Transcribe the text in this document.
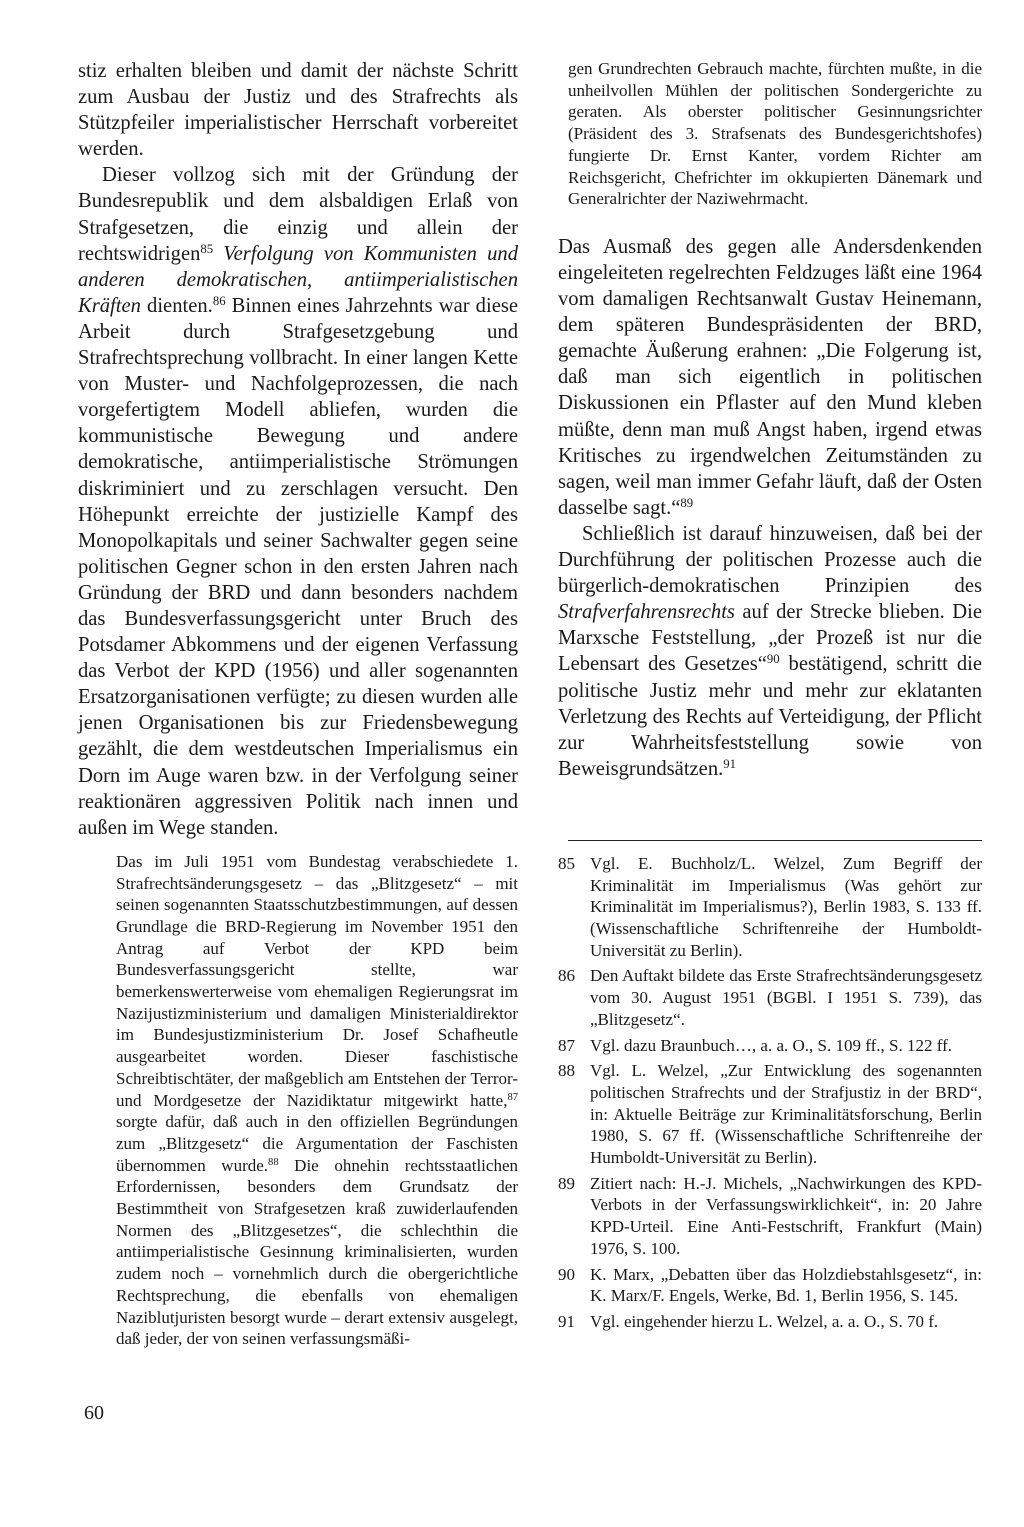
stiz erhalten bleiben und damit der nächste Schritt zum Ausbau der Justiz und des Strafrechts als Stützpfeiler imperialistischer Herrschaft vorbereitet werden.

Dieser vollzog sich mit der Gründung der Bundesrepublik und dem alsbaldigen Erlaß von Strafgesetzen, die einzig und allein der rechtswidrigen$^{85}$ Verfolgung von Kommunisten und anderen demokratischen, antiimperialistischen Kräften dienten.$^{86}$ Binnen eines Jahrzehnts war diese Arbeit durch Strafgesetzgebung und Strafrechtsprechung vollbracht. In einer langen Kette von Muster- und Nachfolgeprozessen, die nach vorgefertigtem Modell abliefen, wurden die kommunistische Bewegung und andere demokratische, antiimperialistische Strömungen diskriminiert und zu zerschlagen versucht. Den Höhepunkt erreichte der justizielle Kampf des Monopolkapitals und seiner Sachwalter gegen seine politischen Gegner schon in den ersten Jahren nach Gründung der BRD und dann besonders nachdem das Bundesverfassungsgericht unter Bruch des Potsdamer Abkommens und der eigenen Verfassung das Verbot der KPD (1956) und aller sogenannten Ersatzorganisationen verfügte; zu diesen wurden alle jenen Organisationen bis zur Friedensbewegung gezählt, die dem westdeutschen Imperialismus ein Dorn im Auge waren bzw. in der Verfolgung seiner reaktionären aggressiven Politik nach innen und außen im Wege standen.

Das im Juli 1951 vom Bundestag verabschiedete 1. Strafrechtsänderungsgesetz – das „Blitzgesetz“ – mit seinen sogenannten Staatsschutzbestimmungen, auf dessen Grundlage die BRD-Regierung im November 1951 den Antrag auf Verbot der KPD beim Bundesverfassungsgericht stellte, war bemerkenswerterweise vom ehemaligen Regierungsrat im Nazijustizministerium und damaligen Ministerialdirektor im Bundesjustizministerium Dr. Josef Schafheutle ausgearbeitet worden. Dieser faschistische Schreibtischtäter, der maßgeblich am Entstehen der Terror- und Mordgesetze der Nazidiktatur mitgewirkt hatte,$^{87}$ sorgte dafür, daß auch in den offiziellen Begründungen zum „Blitzgesetz“ die Argumentation der Faschisten übernommen wurde.$^{88}$ Die ohnehin rechtsstaatlichen Erfordernissen, besonders dem Grundsatz der Bestimmtheit von Strafgesetzen kraß zuwiderlaufenden Normen des „Blitzgesetzes“, die schlechthin die antiimperialistische Gesinnung kriminalisierten, wurden zudem noch – vornehmlich durch die obergerichtliche Rechtsprechung, die ebenfalls von ehemaligen Naziblutjuristen besorgt wurde – derart extensiv ausgelegt, daß jeder, der von seinen verfassungsmäßi-

gen Grundrechten Gebrauch machte, fürchten mußte, in die unheilvollen Mühlen der politischen Sondergerichte zu geraten. Als oberster politischer Gesinnungsrichter (Präsident des 3. Strafsenats des Bundesgerichtshofes) fungierte Dr. Ernst Kanter, vordem Richter am Reichsgericht, Chefrichter im okkupierten Dänemark und Generalrichter der Naziwehrmacht.

Das Ausmaß des gegen alle Andersdenkenden eingeleiteten regelrechten Feldzuges läßt eine 1964 vom damaligen Rechtsanwalt Gustav Heinemann, dem späteren Bundespräsidenten der BRD, gemachte Äußerung erahnen: „Die Folgerung ist, daß man sich eigentlich in politischen Diskussionen ein Pflaster auf den Mund kleben müßte, denn man muß Angst haben, irgend etwas Kritisches zu irgendwelchen Zeitumständen zu sagen, weil man immer Gefahr läuft, daß der Osten dasselbe sagt.“$^{89}$

Schließlich ist darauf hinzuweisen, daß bei der Durchführung der politischen Prozesse auch die bürgerlich-demokratischen Prinzipien des Strafverfahrensrechts auf der Strecke blieben. Die Marxsche Feststellung, „der Prozeß ist nur die Lebensart des Gesetzes“$^{90}$ bestätigend, schritt die politische Justiz mehr und mehr zur eklatanten Verletzung des Rechts auf Verteidigung, der Pflicht zur Wahrheitsfeststellung sowie von Beweisgrundsätzen.$^{91}$

85 Vgl. E. Buchholz/L. Welzel, Zum Begriff der Kriminalität im Imperialismus (Was gehört zur Kriminalität im Imperialismus?), Berlin 1983, S. 133 ff. (Wissenschaftliche Schriftenreihe der Humboldt-Universität zu Berlin).
86 Den Auftakt bildete das Erste Strafrechtsänderungsgesetz vom 30. August 1951 (BGBl. I 1951 S. 739), das „Blitzgesetz“.
87 Vgl. dazu Braunbuch…, a. a. O., S. 109 ff., S. 122 ff.
88 Vgl. L. Welzel, „Zur Entwicklung des sogenannten politischen Strafrechts und der Strafjustiz in der BRD“, in: Aktuelle Beiträge zur Kriminalitätsforschung, Berlin 1980, S. 67 ff. (Wissenschaftliche Schriftenreihe der Humboldt-Universität zu Berlin).
89 Zitiert nach: H.-J. Michels, „Nachwirkungen des KPD-Verbots in der Verfassungswirklichkeit“, in: 20 Jahre KPD-Urteil. Eine Anti-Festschrift, Frankfurt (Main) 1976, S. 100.
90 K. Marx, „Debatten über das Holzdiebstahlsgesetz“, in: K. Marx/F. Engels, Werke, Bd. 1, Berlin 1956, S. 145.
91 Vgl. eingehender hierzu L. Welzel, a. a. O., S. 70 f.
60
